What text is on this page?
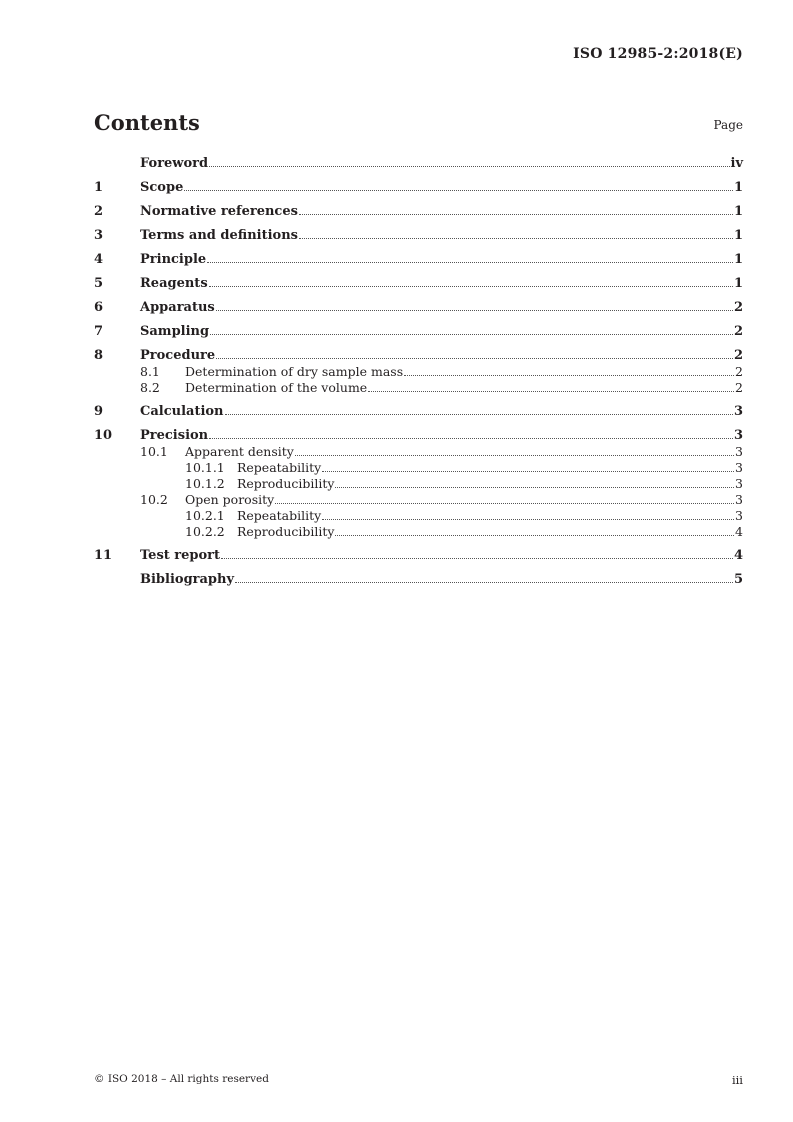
ISO 12985-2:2018(E)
Contents	Page
Foreword	iv
1	Scope	1
2	Normative references	1
3	Terms and definitions	1
4	Principle	1
5	Reagents	1
6	Apparatus	2
7	Sampling	2
8	Procedure	2
8.1	Determination of dry sample mass	2
8.2	Determination of the volume	2
9	Calculation	3
10	Precision	3
10.1	Apparent density	3
10.1.1 Repeatability	3
10.1.2 Reproducibility	3
10.2	Open porosity	3
10.2.1 Repeatability	3
10.2.2 Reproducibility	4
11	Test report	4
Bibliography	5
© ISO 2018 – All rights reserved	iii
